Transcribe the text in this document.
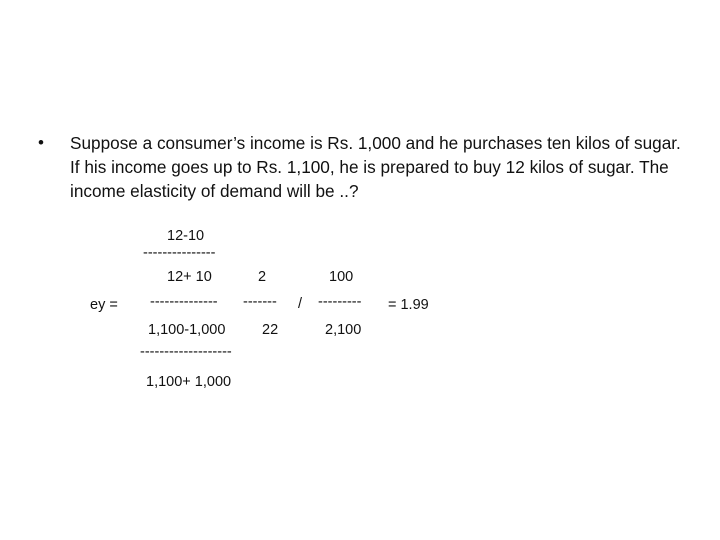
• Suppose a consumer’s income is Rs. 1,000 and he purchases ten kilos of sugar. If his income goes up to Rs. 1,100, he is prepared to buy 12 kilos of sugar. The income elasticity of demand will be ..?
12-10
---------------
12+ 10
ey = --------------
1,100-1,000
-------------------
1,100+ 1,000
2
-------
22
/
100
---------
2,100
= 1.99
